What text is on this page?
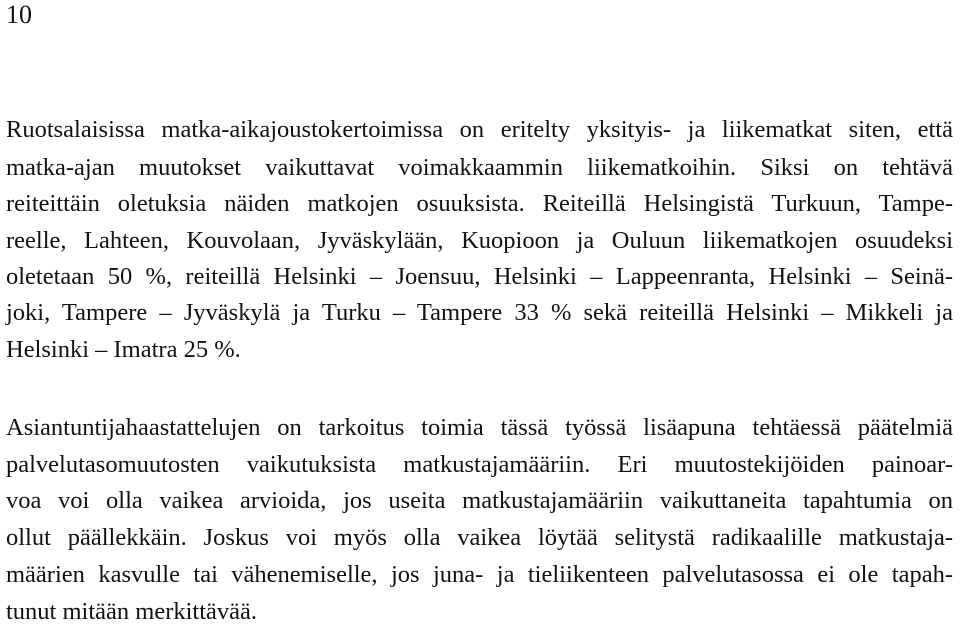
10
Ruotsalaisissa matka-aikajoustokertoimissa on eritelty yksityis- ja liikematkat siten, että
matka-ajan muutokset vaikuttavat voimakkaammin liikematkoihin. Siksi on tehtävä
reiteittäin oletuksia näiden matkojen osuuksista. Reiteillä Helsingistä Turkuun, Tampe-
reelle, Lahteen, Kouvolaan, Jyväskylään, Kuopioon ja Ouluun liikematkojen osuudeksi
oletetaan 50 %, reiteillä Helsinki – Joensuu, Helsinki – Lappeenranta, Helsinki – Seinä-
joki, Tampere – Jyväskylä ja Turku – Tampere 33 % sekä reiteillä Helsinki – Mikkeli ja
Helsinki – Imatra 25 %.
Asiantuntijahaastattelujen on tarkoitus toimia tässä työssä lisäapuna tehtäessä päätelmiä
palvelutasomuutosten vaikutuksista matkustajamääriin. Eri muutostekijöiden painoar-
voa voi olla vaikea arvioida, jos useita matkustajamääriin vaikuttaneita tapahtumia on
ollut päällekkäin. Joskus voi myös olla vaikea löytää selitystä radikaalille matkustaja-
määrien kasvulle tai vähenemiselle, jos juna- ja tieliikenteen palvelutasossa ei ole tapah-
tunut mitään merkittävää.
